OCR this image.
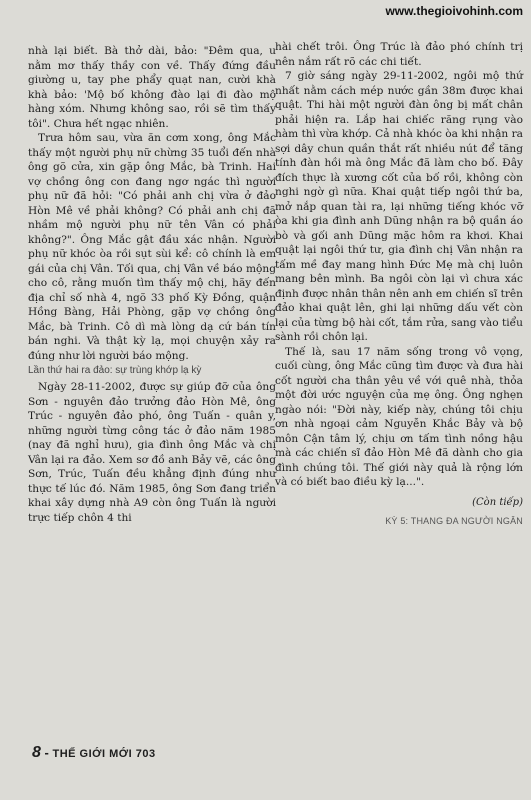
www.thegioivohinh.com

nhà lại biết. Bà thở dài, bảo: "Đêm qua, u nằm mơ thấy thầy con về. Thấy đứng đầu giường u, tay phe phẩy quạt nan, cười khà khà bảo: 'Mộ bố không đào lại đi đào mộ hàng xóm. Nhưng không sao, rồi sẽ tìm thấy tôi". Chưa hết ngạc nhiên.

Trưa hôm sau, vừa ăn cơm xong, ông Mắc thấy một người phụ nữ chừng 35 tuổi đến nhà ông gõ cửa, xin gặp ông Mắc, bà Trinh. Hai vợ chồng ông con đang ngơ ngác thì người phụ nữ đã hỏi: "Có phải anh chị vừa ở đảo Hòn Mê về phải không? Có phải anh chị đã nhầm mộ người phụ nữ tên Vân có phải không?". Ông Mắc gật đầu xác nhận. Người phụ nữ khóc òa rồi sụt sùi kể: cô chính là em gái của chị Vân. Tối qua, chị Vân về báo mộng cho cô, rằng muốn tìm thấy mộ chị, hãy đến địa chỉ số nhà 4, ngõ 33 phố Kỳ Đồng, quận Hồng Bàng, Hải Phòng, gặp vợ chồng ông Mắc, bà Trinh. Cô dì mà lòng dạ cứ bán tín bán nghi. Và thật kỳ lạ, mọi chuyện xảy ra đúng như lời người báo mộng.

Lần thứ hai ra đảo: sự trùng khớp lạ kỳ

Ngày 28-11-2002, được sự giúp đỡ của ông Sơn - nguyên đảo trưởng đảo Hòn Mê, ông Trúc - nguyên đảo phó, ông Tuấn - quân y, những người từng công tác ở đảo năm 1985 (nay đã nghỉ hưu), gia đình ông Mắc và chị Vân lại ra đảo. Xem sơ đồ anh Bảy vẽ, các ông Sơn, Trúc, Tuấn đều khẳng định đúng như thực tế lúc đó. Năm 1985, ông Sơn đang triển khai xây dựng nhà A9 còn ông Tuấn là người trực tiếp chôn 4 thi

hài chết trôi. Ông Trúc là đảo phó chính trị nên nắm rất rõ các chi tiết.

7 giờ sáng ngày 29-11-2002, ngôi mộ thứ nhất nằm cách mép nước gần 38m được khai quật. Thi hài một người đàn ông bị mất chân phải hiện ra. Lắp hai chiếc răng rụng vào hàm thì vừa khớp. Cả nhà khóc òa khi nhận ra sợi dây chun quần thắt rất nhiều nút để tăng tính đàn hồi mà ông Mắc đã làm cho bố. Đây đích thực là xương cốt của bố rồi, không còn nghi ngờ gì nữa. Khai quật tiếp ngôi thứ ba, mở nắp quan tài ra, lại những tiếng khóc vỡ òa khi gia đình anh Dũng nhận ra bộ quần áo bò và gối anh Dũng mặc hôm ra khơi. Khai quật lại ngôi thứ tư, gia đình chị Vân nhận ra tấm mề đay mang hình Đức Mẹ mà chị luôn mang bên mình. Ba ngôi còn lại vì chưa xác định được nhân thân nên anh em chiến sĩ trên đảo khai quật lên, ghi lại những dấu vết còn lại của từng bộ hài cốt, tắm rửa, sang vào tiểu sành rồi chôn lại.

Thế là, sau 17 năm sống trong vô vọng, cuối cùng, ông Mắc cũng tìm được và đưa hài cốt người cha thân yêu về với quê nhà, thỏa một đời ước nguyện của mẹ ông. Ông nghẹn ngào nói: "Đời này, kiếp này, chúng tôi chịu ơn nhà ngoại cảm Nguyễn Khắc Bảy và bộ môn Cận tâm lý, chịu ơn tấm tình nồng hậu mà các chiến sĩ đảo Hòn Mê đã dành cho gia đình chúng tôi. Thế giới này quả là rộng lớn và có biết bao điều kỳ lạ...".

(Còn tiếp)

KỲ 5: THANG ĐA NGƯỜI NGÂN

8 - THẾ GIỚI MỚI 703
